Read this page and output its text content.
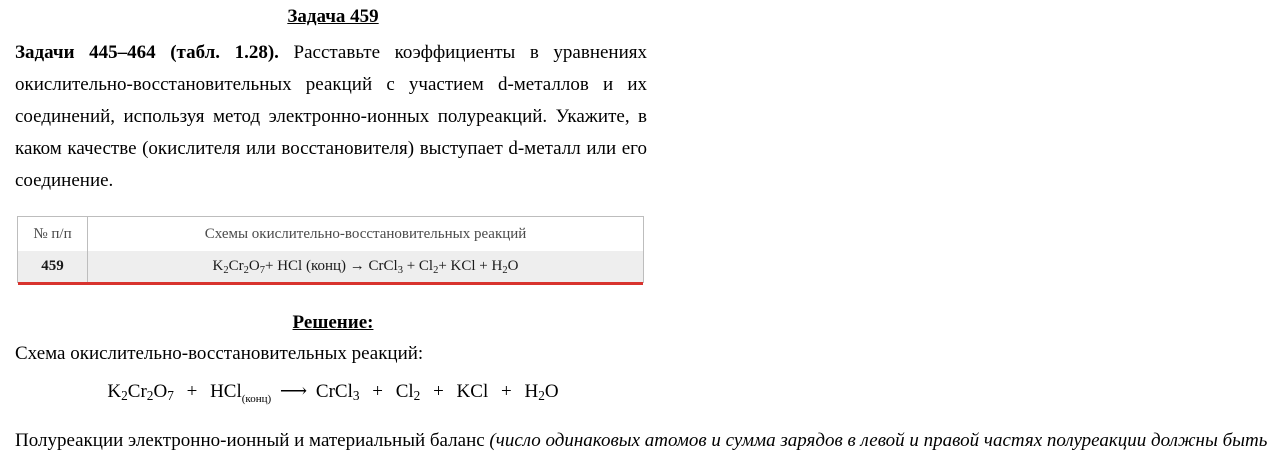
Задача 459

Задачи 445–464 (табл. 1.28). Расставьте коэффициенты в уравнениях окислительно-восстановительных реакций с участием d-металлов и их соединений, используя метод электронно-ионных полуреакций. Укажите, в каком качестве (окислителя или восстановителя) выступает d-металл или его соединение.

№ п/п	Схемы окислительно-восстановительных реакций
459	$K_2Cr_2O_7+$ HCl (конц) → CrCl$_3$ + $Cl_2+$ KCl + $H_2O$
Решение:

Схема окислительно-восстановительных реакций:

$K_2Cr_2O_7 + HCl_{(конц)}$ ⟶ CrCl$_3$ + $Cl_2$ + KCl + $H_2O$

Полуреакции электронно-ионный и материальный баланс (число одинаковых атомов и сумма зарядов в левой и правой частях полуреакции должны быть
